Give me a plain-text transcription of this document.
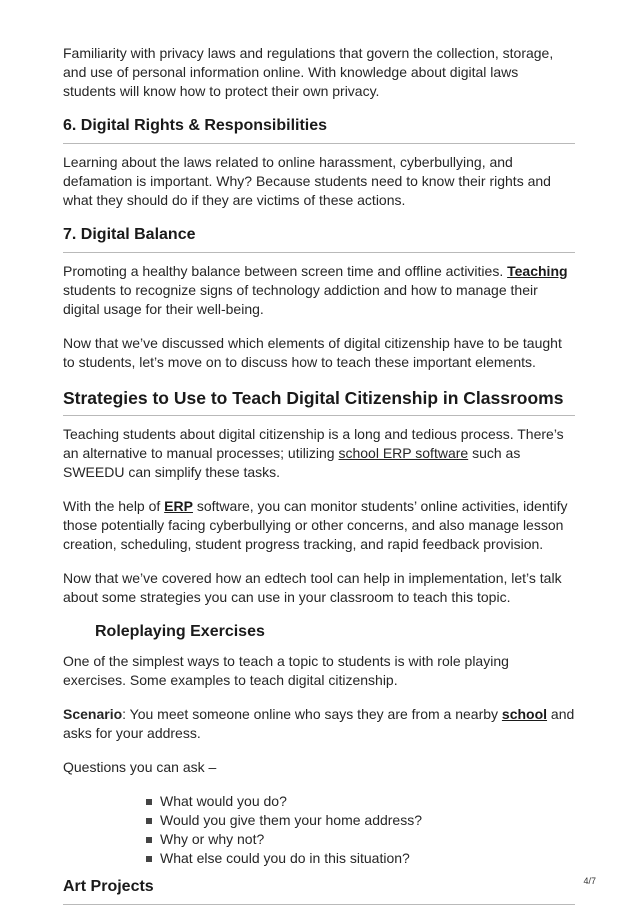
Familiarity with privacy laws and regulations that govern the collection, storage, and use of personal information online. With knowledge about digital laws students will know how to protect their own privacy.

6. Digital Rights & Responsibilities

Learning about the laws related to online harassment, cyberbullying, and defamation is important. Why? Because students need to know their rights and what they should do if they are victims of these actions.

7. Digital Balance

Promoting a healthy balance between screen time and offline activities. Teaching students to recognize signs of technology addiction and how to manage their digital usage for their well-being.

Now that we’ve discussed which elements of digital citizenship have to be taught to students, let’s move on to discuss how to teach these important elements.

Strategies to Use to Teach Digital Citizenship in Classrooms

Teaching students about digital citizenship is a long and tedious process. There’s an alternative to manual processes; utilizing school ERP software such as SWEEDU can simplify these tasks.

With the help of ERP software, you can monitor students’ online activities, identify those potentially facing cyberbullying or other concerns, and also manage lesson creation, scheduling, student progress tracking, and rapid feedback provision.

Now that we’ve covered how an edtech tool can help in implementation, let’s talk about some strategies you can use in your classroom to teach this topic.

Roleplaying Exercises

One of the simplest ways to teach a topic to students is with role playing exercises. Some examples to teach digital citizenship.

Scenario: You meet someone online who says they are from a nearby school and asks for your address.

Questions you can ask –

What would you do?
Would you give them your home address?
Why or why not?
What else could you do in this situation?
Art Projects	4/7
